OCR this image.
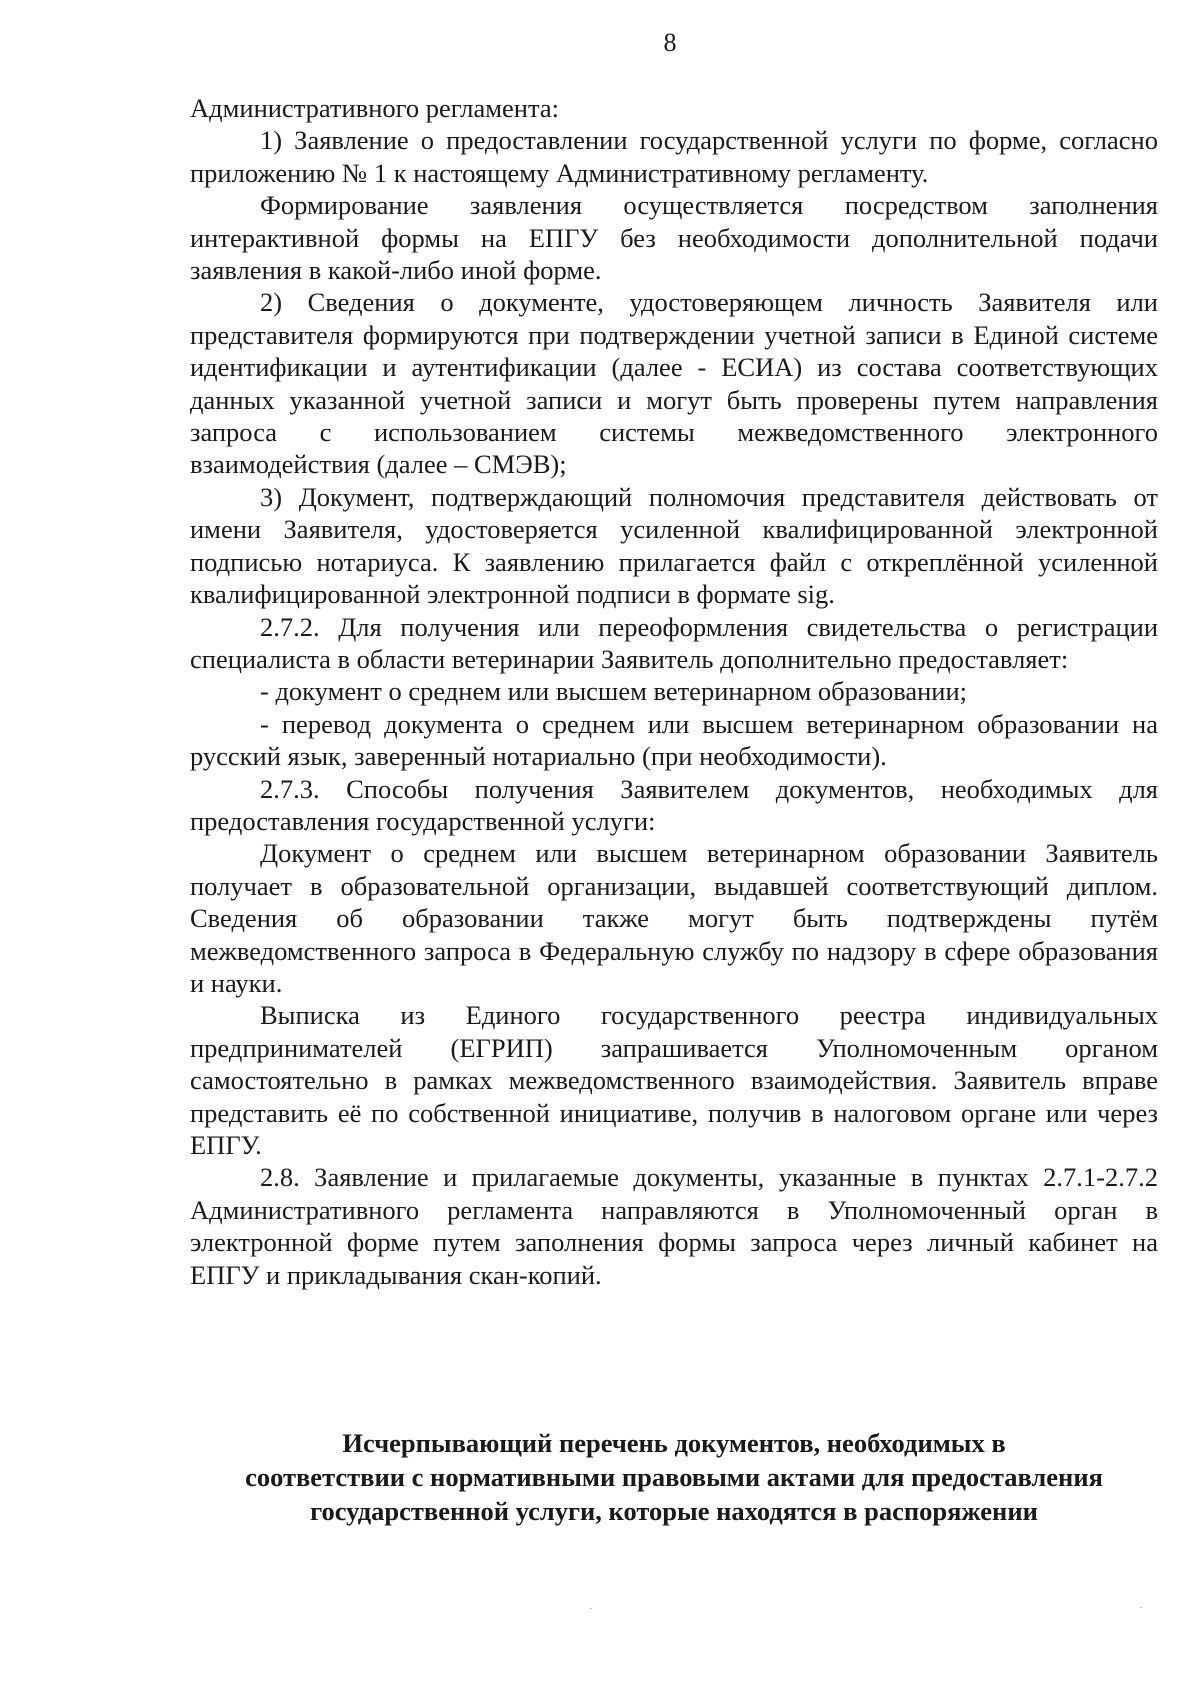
8

Административного регламента:

1) Заявление о предоставлении государственной услуги по форме, согласно приложению № 1 к настоящему Административному регламенту.

Формирование заявления осуществляется посредством заполнения интерактивной формы на ЕПГУ без необходимости дополнительной подачи заявления в какой-либо иной форме.

2) Сведения о документе, удостоверяющем личность Заявителя или представителя формируются при подтверждении учетной записи в Единой системе идентификации и аутентификации (далее - ЕСИА) из состава соответствующих данных указанной учетной записи и могут быть проверены путем направления запроса с использованием системы межведомственного электронного взаимодействия (далее – СМЭВ);

3) Документ, подтверждающий полномочия представителя действовать от имени Заявителя, удостоверяется усиленной квалифицированной электронной подписью нотариуса. К заявлению прилагается файл с откреплённой усиленной квалифицированной электронной подписи в формате sig.

2.7.2. Для получения или переоформления свидетельства о регистрации специалиста в области ветеринарии Заявитель дополнительно предоставляет:

- документ о среднем или высшем ветеринарном образовании;

- перевод документа о среднем или высшем ветеринарном образовании на русский язык, заверенный нотариально (при необходимости).

2.7.3. Способы получения Заявителем документов, необходимых для предоставления государственной услуги:

Документ о среднем или высшем ветеринарном образовании Заявитель получает в образовательной организации, выдавшей соответствующий диплом. Сведения об образовании также могут быть подтверждены путём межведомственного запроса в Федеральную службу по надзору в сфере образования и науки.

Выписка из Единого государственного реестра индивидуальных предпринимателей (ЕГРИП) запрашивается Уполномоченным органом самостоятельно в рамках межведомственного взаимодействия. Заявитель вправе представить её по собственной инициативе, получив в налоговом органе или через ЕПГУ.

2.8. Заявление и прилагаемые документы, указанные в пунктах 2.7.1-2.7.2 Административного регламента направляются в Уполномоченный орган в электронной форме путем заполнения формы запроса через личный кабинет на ЕПГУ и прикладывания скан-копий.

Исчерпывающий перечень документов, необходимых в

соответствии с нормативными правовыми актами для предоставления

государственной услуги, которые находятся в распоряжении
